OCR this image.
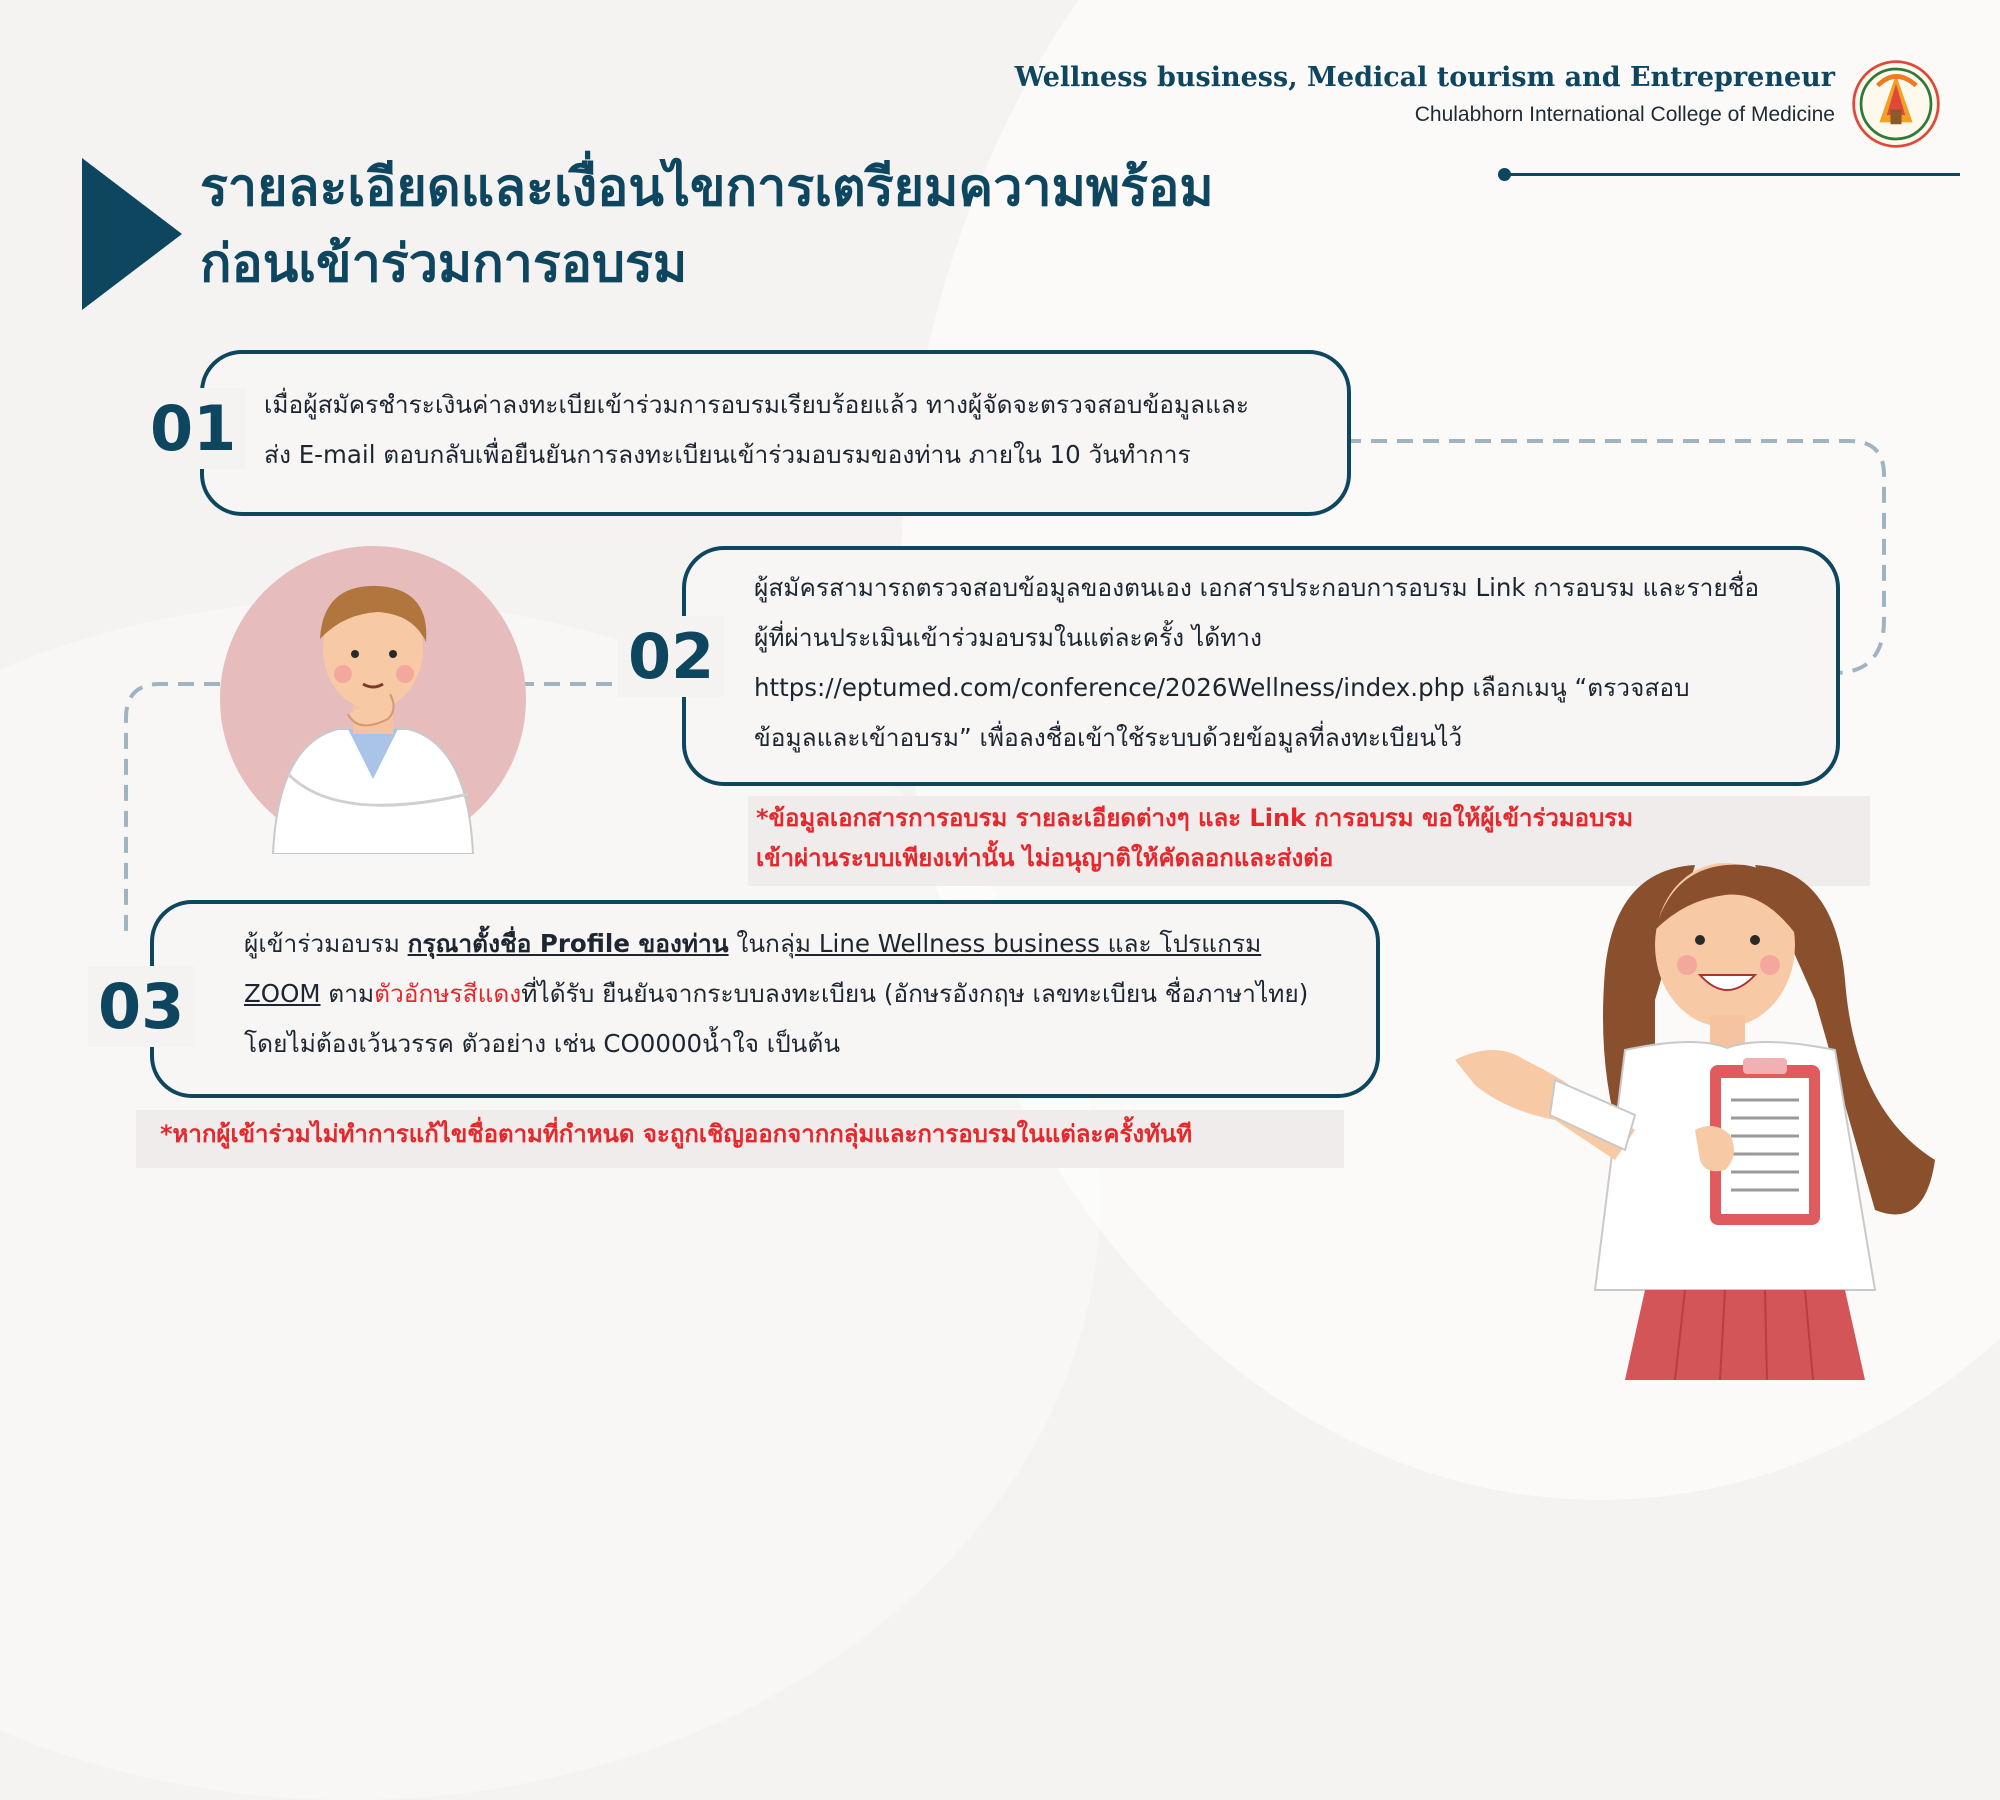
Wellness business, Medical tourism and Entrepreneur
Chulabhorn International College of Medicine
รายละเอียดและเงื่อนไขการเตรียมความพร้อม
ก่อนเข้าร่วมการอบรม
01	เมื่อผู้สมัครชำระเงินค่าลงทะเบียเข้าร่วมการอบรมเรียบร้อยแล้ว ทางผู้จัดจะตรวจสอบข้อมูลและ
ส่ง E-mail ตอบกลับเพื่อยืนยันการลงทะเบียนเข้าร่วมอบรมของท่าน ภายใน 10 วันทำการ
02
ผู้สมัครสามารถตรวจสอบข้อมูลของตนเอง เอกสารประกอบการอบรม Link การอบรม และรายชื่อ
ผู้ที่ผ่านประเมินเข้าร่วมอบรมในแต่ละครั้ง ได้ทาง
https://eptumed.com/conference/2026Wellness/index.php เลือกเมนู “ตรวจสอบ
ข้อมูลและเข้าอบรม” เพื่อลงชื่อเข้าใช้ระบบด้วยข้อมูลที่ลงทะเบียนไว้
*ข้อมูลเอกสารการอบรม รายละเอียดต่างๆ และ Link การอบรม ขอให้ผู้เข้าร่วมอบรม
เข้าผ่านระบบเพียงเท่านั้น ไม่อนุญาติให้คัดลอกและส่งต่อ
03
ผู้เข้าร่วมอบรม กรุณาตั้งชื่อ Profile ของท่าน ในกลุ่ม Line Wellness business และ โปรแกรม
ZOOM ตามตัวอักษรสีแดงที่ได้รับ ยืนยันจากระบบลงทะเบียน (อักษรอังกฤษ เลขทะเบียน ชื่อภาษาไทย)
โดยไม่ต้องเว้นวรรค ตัวอย่าง เช่น CO0000น้ำใจ เป็นต้น
*หากผู้เข้าร่วมไม่ทำการแก้ไขชื่อตามที่กำหนด จะถูกเชิญออกจากกลุ่มและการอบรมในแต่ละครั้งทันที
